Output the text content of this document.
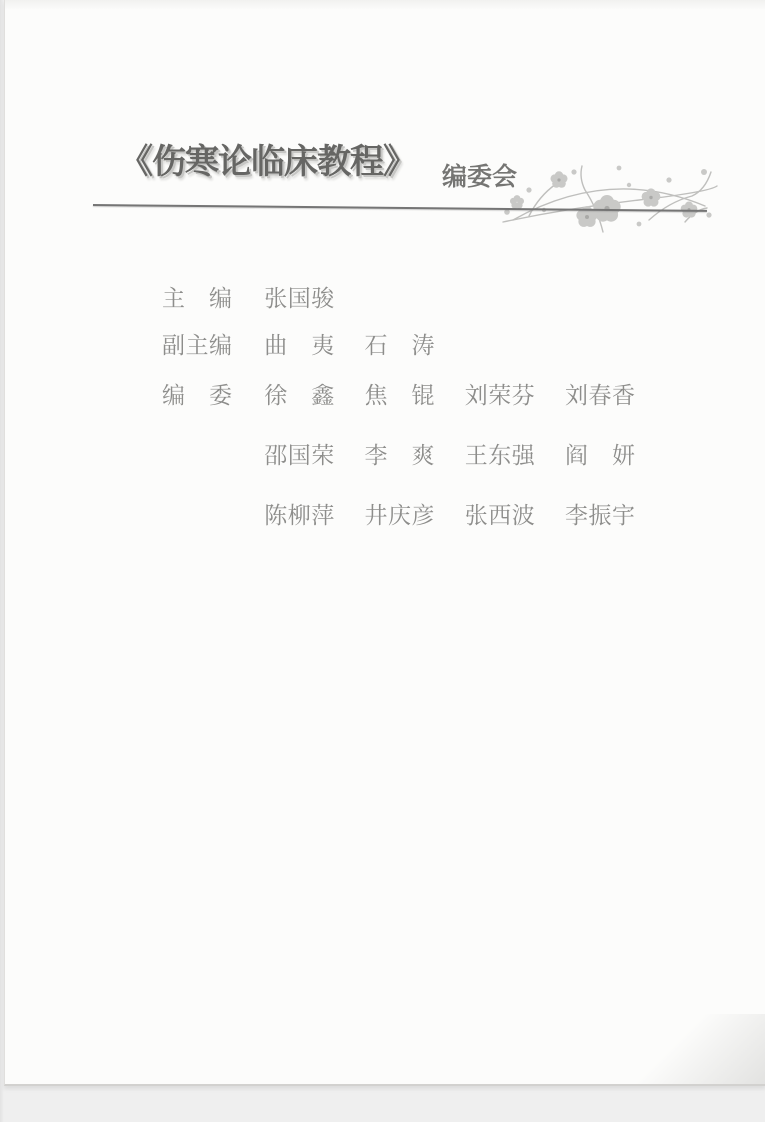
《伤寒论临床教程》 编委会
主　编 张国骏
副主编 曲　夷 石　涛
编　委 徐　鑫 焦　锟 刘荣芬 刘春香
邵国荣 李　爽 王东强 阎　妍
陈柳萍 井庆彦 张西波 李振宇
